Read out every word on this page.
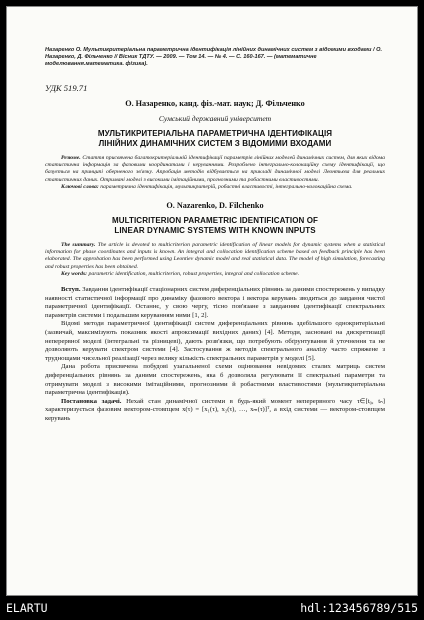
Назаренко О. Мультикритеріальна параметрична ідентифікація лінійних динамічних систем з відомими входами / О. Назаренко, Д. Фільченко // Вісник ТДТУ. — 2009. — Том 14. — № 4. — С. 160-167. — (математичне моделювання.математика. фізика).

УДК 519.71

О. Назаренко, канд. фіз.-мат. наук; Д. Фільченко

Сумський державний університет

МУЛЬТИКРИТЕРІАЛЬНА ПАРАМЕТРИЧНА ІДЕНТИФІКАЦІЯ
ЛІНІЙНИХ ДИНАМІЧНИХ СИСТЕМ З ВІДОМИМИ ВХОДАМИ

Резюме. Стаття присвячена багатокритеріальній ідентифікації параметрів лінійних моделей динамічних систем, для яких відома статистична інформація за фазовими координатами і керуваннями. Розроблено інтегрально-колокаційну схему ідентифікації, що базується на принципі оберненого зв'язку. Апробація методів відбувається на прикладі динамічної моделі Леонтьєва для реальних статистичних даних. Отримані моделі з високими імітаційними, прогнозними та робастними властивостями.

Ключові слова: параметрична ідентифікація, мультикритерій, робастні властивості, інтегрально-колокаційна схема.

O. Nazarenko, D. Filchenko

MULTICRITERION PARAMETRIC IDENTIFICATION OF
LINEAR DYNAMIC SYSTEMS WITH KNOWN INPUTS

The summary. The article is devoted to multicriterion parametric identification of linear models for dynamic systems when a statistical information for phase coordinates and inputs is known. An integral and collocation identification scheme based on feedback principle has been elaborated. The approbation has been performed using Leontiev dynamic model and real statistical data. The model of high simulation, forecasting and robust properties has been obtained.

Key words: parametric identification, multicriterion, robust properties, integral and collocation scheme.

Вступ. Завдання ідентифікації стаціонарних систем диференціальних рівнянь за даними спостережень у випадку наявності статистичної інформації про динаміку фазового вектора і вектора керувань зводиться до завдання чистої параметричної ідентифікації. Останнє, у свою чергу, тісно пов'язане з завданням ідентифікації спектральних параметрів системи і подальшим керуванням ними [1, 2].

Відомі методи параметричної ідентифікації систем диференціальних рівнянь здебільшого однокритеріальні (зазвичай, максимізують показник якості апроксимації вихідних даних) [4]. Методи, засновані на дискретизації неперервної моделі (інтегральні та різницеві), дають розв'язки, що потребують обґрунтування й уточнення та не дозволяють керувати спектром системи [4]. Застосування ж методів спектрального аналізу часто спряжене з труднощами чисельної реалізації через велику кількість спектральних параметрів у моделі [5].

Дана робота присвячена побудові узагальненої схеми оцінювання невідомих сталих матриць систем диференціальних рівнянь за даними спостережень, яка б дозволяла регулювати її спектральні параметри та отримувати моделі з високими імітаційними, прогнозними й робастними властивостями (мультикритеріальна параметрична ідентифікація).

Постановка задачі. Нехай стан динамічної системи в будь-який момент неперервного часу τ∈[t₀, tₙ] характеризується фазовим вектором-стовпцем x(τ) = [x₁(τ), x₂(τ), …, xₘ(τ)]ᵀ, а вхід системи — вектором-стовпцем керувань

ELARTU	hdl:123456789/515
